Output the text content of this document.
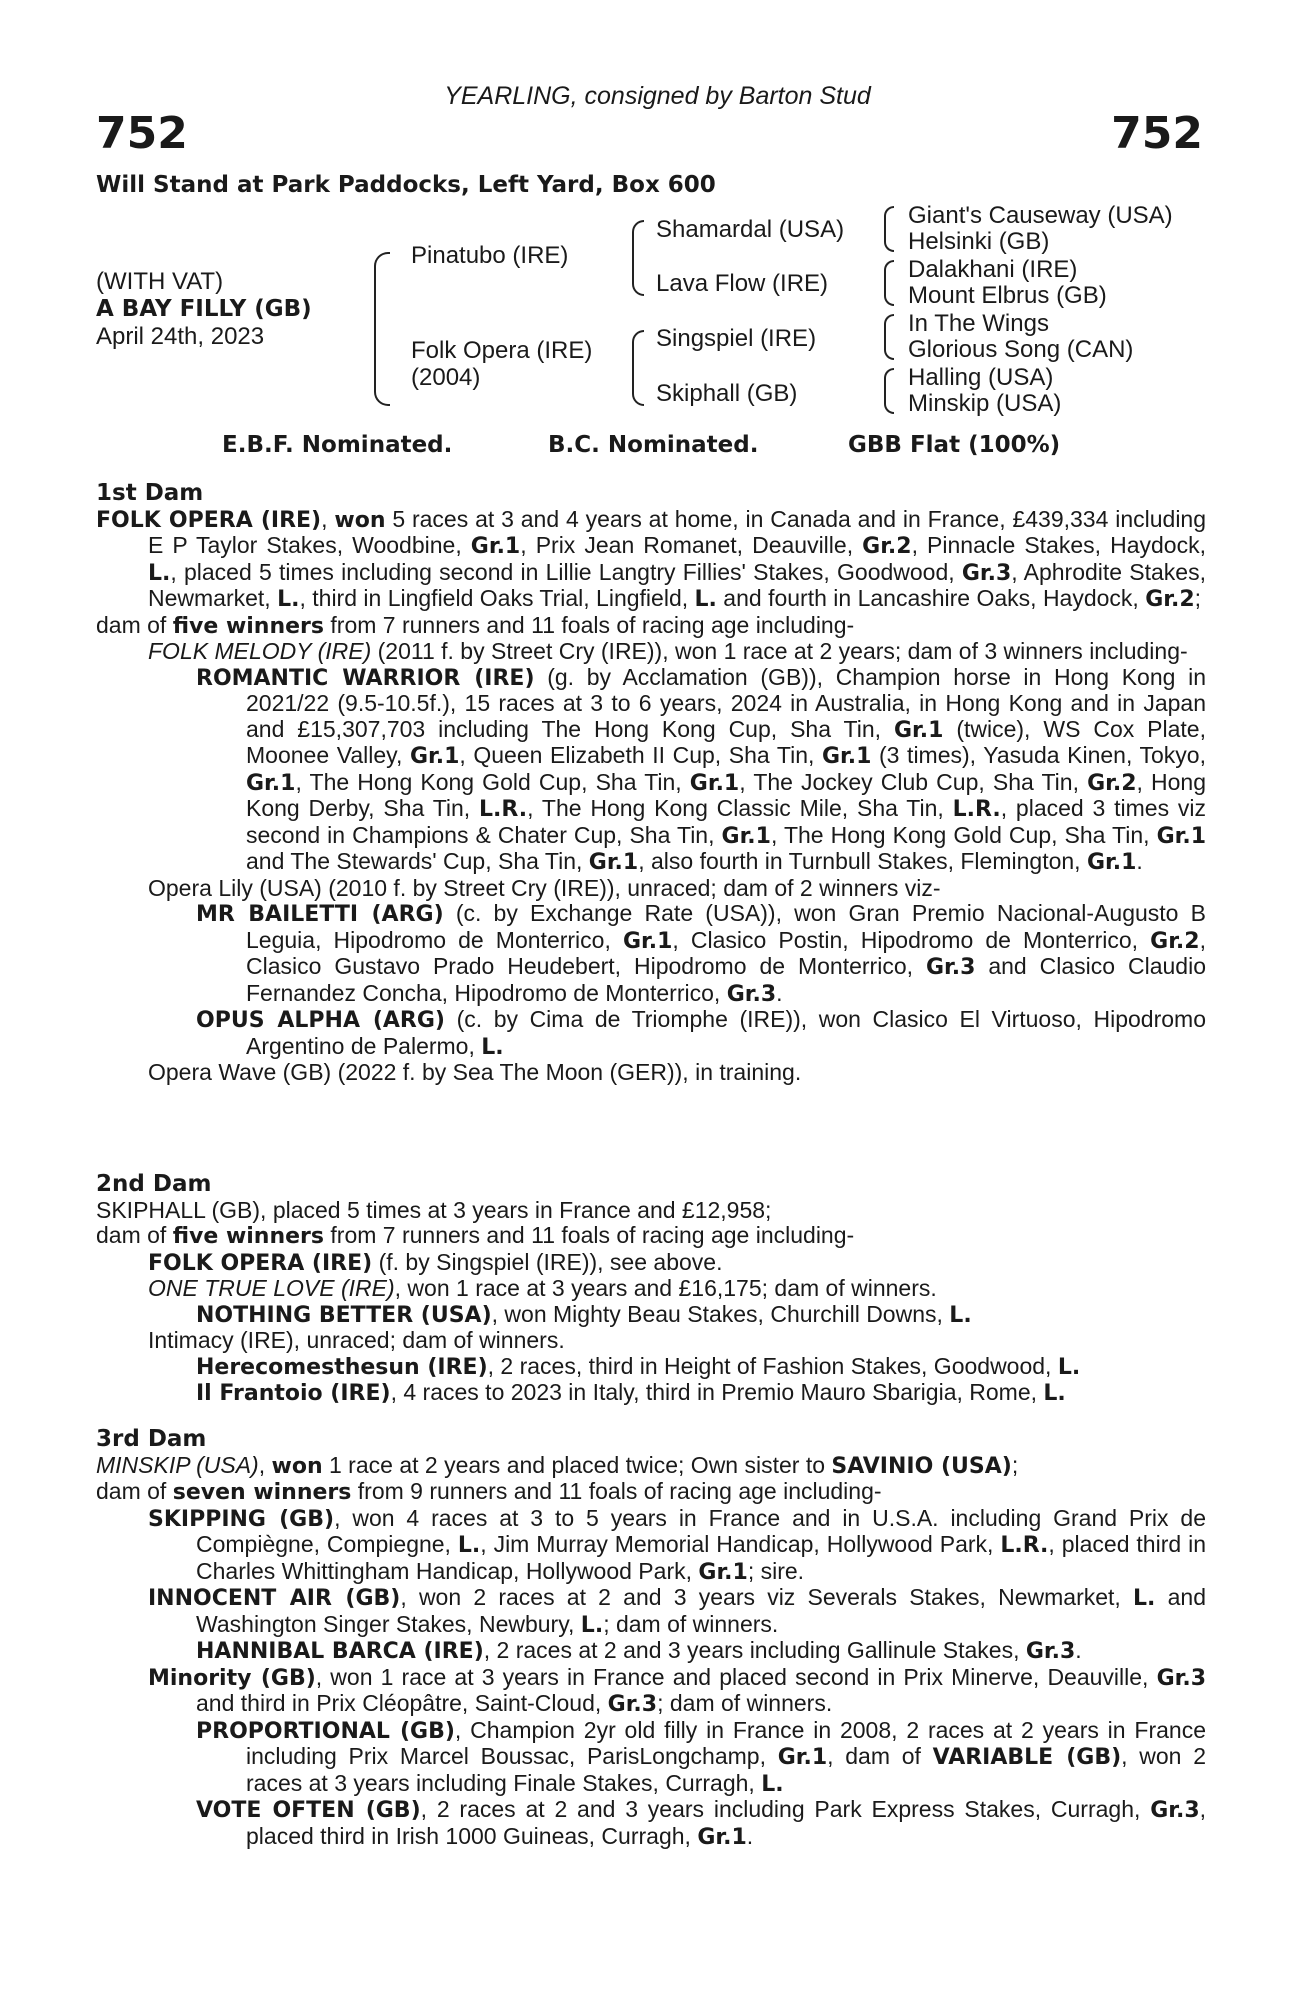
YEARLING, consigned by Barton Stud
752	752
Will Stand at Park Paddocks, Left Yard, Box 600
(WITH VAT)
A BAY FILLY (GB)
April 24th, 2023
Pinatubo (IRE)
Folk Opera (IRE)
(2004)
Shamardal (USA)
Lava Flow (IRE)
Singspiel (IRE)
Skiphall (GB)
Giant's Causeway (USA)
Helsinki (GB)
Dalakhani (IRE)
Mount Elbrus (GB)
In The Wings
Glorious Song (CAN)
Halling (USA)
Minskip (USA)
E.B.F. Nominated.	B.C. Nominated.	GBB Flat (100%)

1st Dam

FOLK OPERA (IRE), won 5 races at 3 and 4 years at home, in Canada and in France, £439,334 including E P Taylor Stakes, Woodbine, Gr.1, Prix Jean Romanet, Deauville, Gr.2, Pinnacle Stakes, Haydock, L., placed 5 times including second in Lillie Langtry Fillies' Stakes, Goodwood, Gr.3, Aphrodite Stakes, Newmarket, L., third in Lingfield Oaks Trial, Lingfield, L. and fourth in Lancashire Oaks, Haydock, Gr.2;

dam of five winners from 7 runners and 11 foals of racing age including-

FOLK MELODY (IRE) (2011 f. by Street Cry (IRE)), won 1 race at 2 years; dam of 3 winners including-

ROMANTIC WARRIOR (IRE) (g. by Acclamation (GB)), Champion horse in Hong Kong in 2021/22 (9.5-10.5f.), 15 races at 3 to 6 years, 2024 in Australia, in Hong Kong and in Japan and £15,307,703 including The Hong Kong Cup, Sha Tin, Gr.1 (twice), WS Cox Plate, Moonee Valley, Gr.1, Queen Elizabeth II Cup, Sha Tin, Gr.1 (3 times), Yasuda Kinen, Tokyo, Gr.1, The Hong Kong Gold Cup, Sha Tin, Gr.1, The Jockey Club Cup, Sha Tin, Gr.2, Hong Kong Derby, Sha Tin, L.R., The Hong Kong Classic Mile, Sha Tin, L.R., placed 3 times viz second in Champions & Chater Cup, Sha Tin, Gr.1, The Hong Kong Gold Cup, Sha Tin, Gr.1 and The Stewards' Cup, Sha Tin, Gr.1, also fourth in Turnbull Stakes, Flemington, Gr.1.

Opera Lily (USA) (2010 f. by Street Cry (IRE)), unraced; dam of 2 winners viz-

MR BAILETTI (ARG) (c. by Exchange Rate (USA)), won Gran Premio Nacional-Augusto B Leguia, Hipodromo de Monterrico, Gr.1, Clasico Postin, Hipodromo de Monterrico, Gr.2, Clasico Gustavo Prado Heudebert, Hipodromo de Monterrico, Gr.3 and Clasico Claudio Fernandez Concha, Hipodromo de Monterrico, Gr.3.

OPUS ALPHA (ARG) (c. by Cima de Triomphe (IRE)), won Clasico El Virtuoso, Hipodromo Argentino de Palermo, L.

Opera Wave (GB) (2022 f. by Sea The Moon (GER)), in training.

2nd Dam

SKIPHALL (GB), placed 5 times at 3 years in France and £12,958;

dam of five winners from 7 runners and 11 foals of racing age including-

FOLK OPERA (IRE) (f. by Singspiel (IRE)), see above.

ONE TRUE LOVE (IRE), won 1 race at 3 years and £16,175; dam of winners.

NOTHING BETTER (USA), won Mighty Beau Stakes, Churchill Downs, L.

Intimacy (IRE), unraced; dam of winners.

Herecomesthesun (IRE), 2 races, third in Height of Fashion Stakes, Goodwood, L.

Il Frantoio (IRE), 4 races to 2023 in Italy, third in Premio Mauro Sbarigia, Rome, L.

3rd Dam

MINSKIP (USA), won 1 race at 2 years and placed twice; Own sister to SAVINIO (USA);

dam of seven winners from 9 runners and 11 foals of racing age including-

SKIPPING (GB), won 4 races at 3 to 5 years in France and in U.S.A. including Grand Prix de Compiègne, Compiegne, L., Jim Murray Memorial Handicap, Hollywood Park, L.R., placed third in Charles Whittingham Handicap, Hollywood Park, Gr.1; sire.

INNOCENT AIR (GB), won 2 races at 2 and 3 years viz Severals Stakes, Newmarket, L. and Washington Singer Stakes, Newbury, L.; dam of winners.

HANNIBAL BARCA (IRE), 2 races at 2 and 3 years including Gallinule Stakes, Gr.3.

Minority (GB), won 1 race at 3 years in France and placed second in Prix Minerve, Deauville, Gr.3 and third in Prix Cléopâtre, Saint-Cloud, Gr.3; dam of winners.

PROPORTIONAL (GB), Champion 2yr old filly in France in 2008, 2 races at 2 years in France including Prix Marcel Boussac, ParisLongchamp, Gr.1, dam of VARIABLE (GB), won 2 races at 3 years including Finale Stakes, Curragh, L.

VOTE OFTEN (GB), 2 races at 2 and 3 years including Park Express Stakes, Curragh, Gr.3, placed third in Irish 1000 Guineas, Curragh, Gr.1.
